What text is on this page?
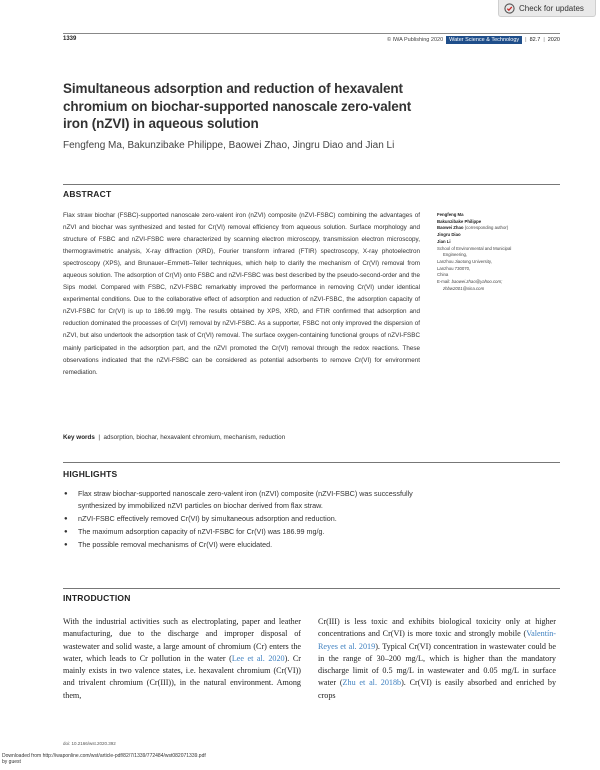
Check for updates
1339	© IWA Publishing 2020	Water Science & Technology	| 82.7 | 2020
Simultaneous adsorption and reduction of hexavalent chromium on biochar-supported nanoscale zero-valent iron (nZVI) in aqueous solution
Fengfeng Ma, Bakunzibake Philippe, Baowei Zhao, Jingru Diao and Jian Li
ABSTRACT
Flax straw biochar (FSBC)-supported nanoscale zero-valent iron (nZVI) composite (nZVI-FSBC) combining the advantages of nZVI and biochar was synthesized and tested for Cr(VI) removal efficiency from aqueous solution. Surface morphology and structure of FSBC and nZVI-FSBC were characterized by scanning electron microscopy, transmission electron microscopy, thermogravimetric analysis, X-ray diffraction (XRD), Fourier transform infrared (FTIR) spectroscopy, X-ray photoelectron spectroscopy (XPS), and Brunauer–Emmett–Teller techniques, which help to clarify the mechanism of Cr(VI) removal from aqueous solution. The adsorption of Cr(VI) onto FSBC and nZVI-FSBC was best described by the pseudo-second-order and the Sips model. Compared with FSBC, nZVI-FSBC remarkably improved the performance in removing Cr(VI) under identical experimental conditions. Due to the collaborative effect of adsorption and reduction of nZVI-FSBC, the adsorption capacity of nZVI-FSBC for Cr(VI) is up to 186.99 mg/g. The results obtained by XPS, XRD, and FTIR confirmed that adsorption and reduction dominated the processes of Cr(VI) removal by nZVI-FSBC. As a supporter, FSBC not only improved the dispersion of nZVI, but also undertook the adsorption task of Cr(VI) removal. The surface oxygen-containing functional groups of nZVI-FSBC mainly participated in the adsorption part, and the nZVI promoted the Cr(VI) removal through the redox reactions. These observations indicated that the nZVI-FSBC can be considered as potential adsorbents to remove Cr(VI) for environment remediation.
Key words  |  adsorption, biochar, hexavalent chromium, mechanism, reduction
Fengfeng Ma
Bakunzibake Philippe
Baowei Zhao (corresponding author)
Jingru Diao
Jian Li
School of Environmental and Municipal
Engineering,
Lanzhou Jiaotong University,
Lanzhou 730070,
China
E-mail: baowei.zhao@yahoo.com;
zhbw2001@sina.com
HIGHLIGHTS
● Flax straw biochar-supported nanoscale zero-valent iron (nZVI) composite (nZVI-FSBC) was successfully synthesized by immobilized nZVI particles on biochar derived from flax straw.
● nZVI-FSBC effectively removed Cr(VI) by simultaneous adsorption and reduction.
● The maximum adsorption capacity of nZVI-FSBC for Cr(VI) was 186.99 mg/g.
● The possible removal mechanisms of Cr(VI) were elucidated.
INTRODUCTION
With the industrial activities such as electroplating, paper and leather manufacturing, due to the discharge and improper disposal of wastewater and solid waste, a large amount of chromium (Cr) enters the water, which leads to Cr pollution in the water (Lee et al. 2020). Cr mainly exists in two valence states, i.e. hexavalent chromium (Cr(VI)) and trivalent chromium (Cr(III)), in the natural environment. Among them,
Cr(III) is less toxic and exhibits biological toxicity only at higher concentrations and Cr(VI) is more toxic and strongly mobile (Valentín-Reyes et al. 2019). Typical Cr(VI) concentration in wastewater could be in the range of 30–200 mg/L, which is higher than the mandatory discharge limit of 0.5 mg/L in wastewater and 0.05 mg/L in surface water (Zhu et al. 2018b). Cr(VI) is easily absorbed and enriched by crops
doi: 10.2166/wst.2020.392
Downloaded from http://iwaponline.com/wst/article-pdf/82/7/1339/772484/wst082071339.pdf
by guest
